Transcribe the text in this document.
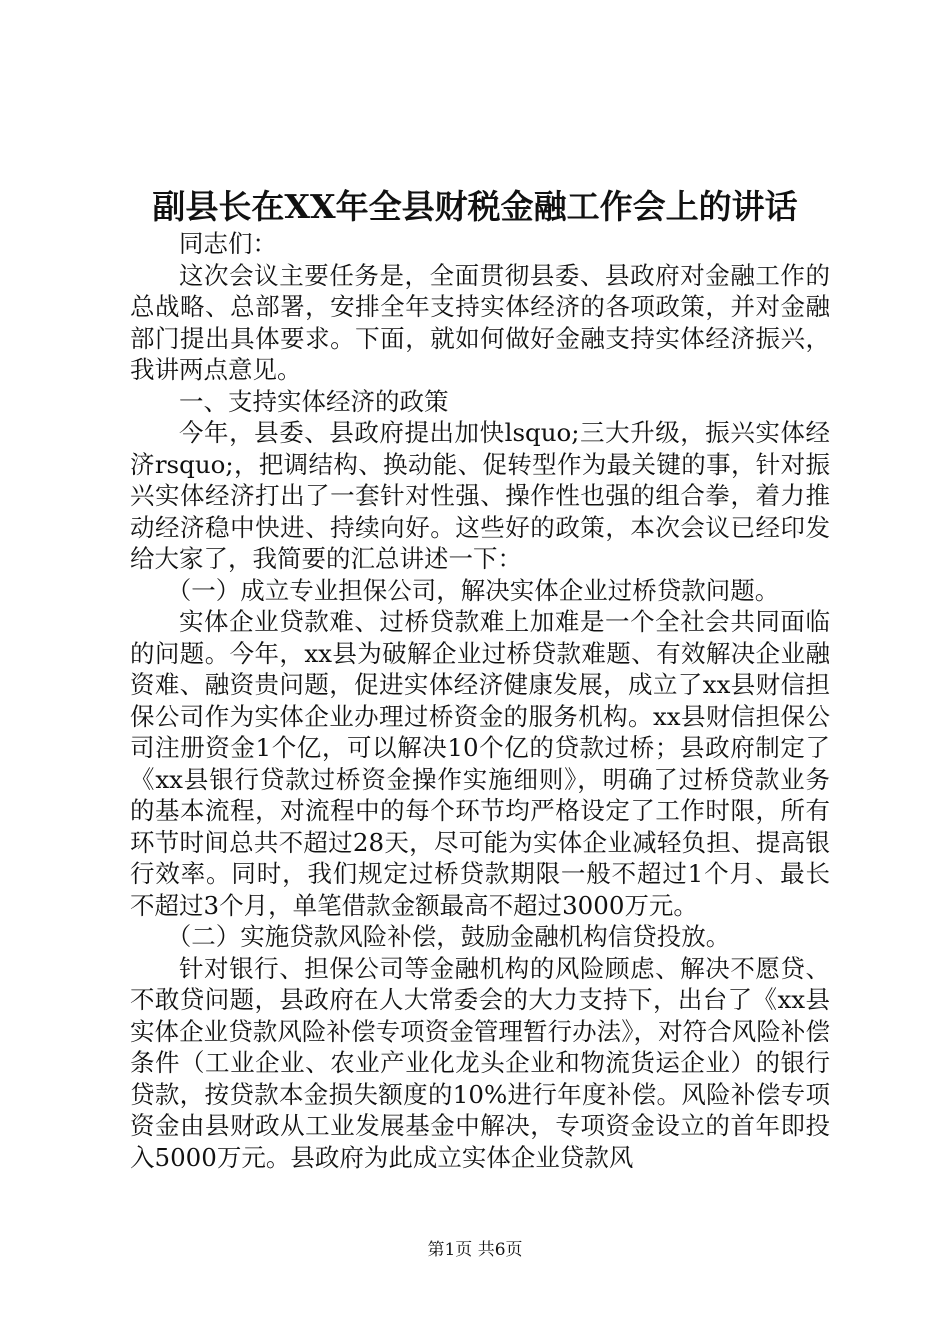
副县长在XX年全县财税金融工作会上的讲话

同志们：

这次会议主要任务是，全面贯彻县委、县政府对金融工作的总战略、总部署，安排全年支持实体经济的各项政策，并对金融部门提出具体要求。下面，就如何做好金融支持实体经济振兴，我讲两点意见。

一、支持实体经济的政策

今年，县委、县政府提出加快lsquo;三大升级，振兴实体经济rsquo;，把调结构、换动能、促转型作为最关键的事，针对振兴实体经济打出了一套针对性强、操作性也强的组合拳，着力推动经济稳中快进、持续向好。这些好的政策，本次会议已经印发给大家了，我简要的汇总讲述一下：

（一）成立专业担保公司，解决实体企业过桥贷款问题。

实体企业贷款难、过桥贷款难上加难是一个全社会共同面临的问题。今年，xx县为破解企业过桥贷款难题、有效解决企业融资难、融资贵问题，促进实体经济健康发展，成立了xx县财信担保公司作为实体企业办理过桥资金的服务机构。xx县财信担保公司注册资金1个亿，可以解决10个亿的贷款过桥；县政府制定了《xx县银行贷款过桥资金操作实施细则》，明确了过桥贷款业务的基本流程，对流程中的每个环节均严格设定了工作时限，所有环节时间总共不超过28天，尽可能为实体企业减轻负担、提高银行效率。同时，我们规定过桥贷款期限一般不超过1个月、最长不超过3个月，单笔借款金额最高不超过3000万元。

（二）实施贷款风险补偿，鼓励金融机构信贷投放。

针对银行、担保公司等金融机构的风险顾虑、解决不愿贷、不敢贷问题，县政府在人大常委会的大力支持下，出台了《xx县实体企业贷款风险补偿专项资金管理暂行办法》，对符合风险补偿条件（工业企业、农业产业化龙头企业和物流货运企业）的银行贷款，按贷款本金损失额度的10%进行年度补偿。风险补偿专项资金由县财政从工业发展基金中解决，专项资金设立的首年即投入5000万元。县政府为此成立实体企业贷款风

第1页 共6页
